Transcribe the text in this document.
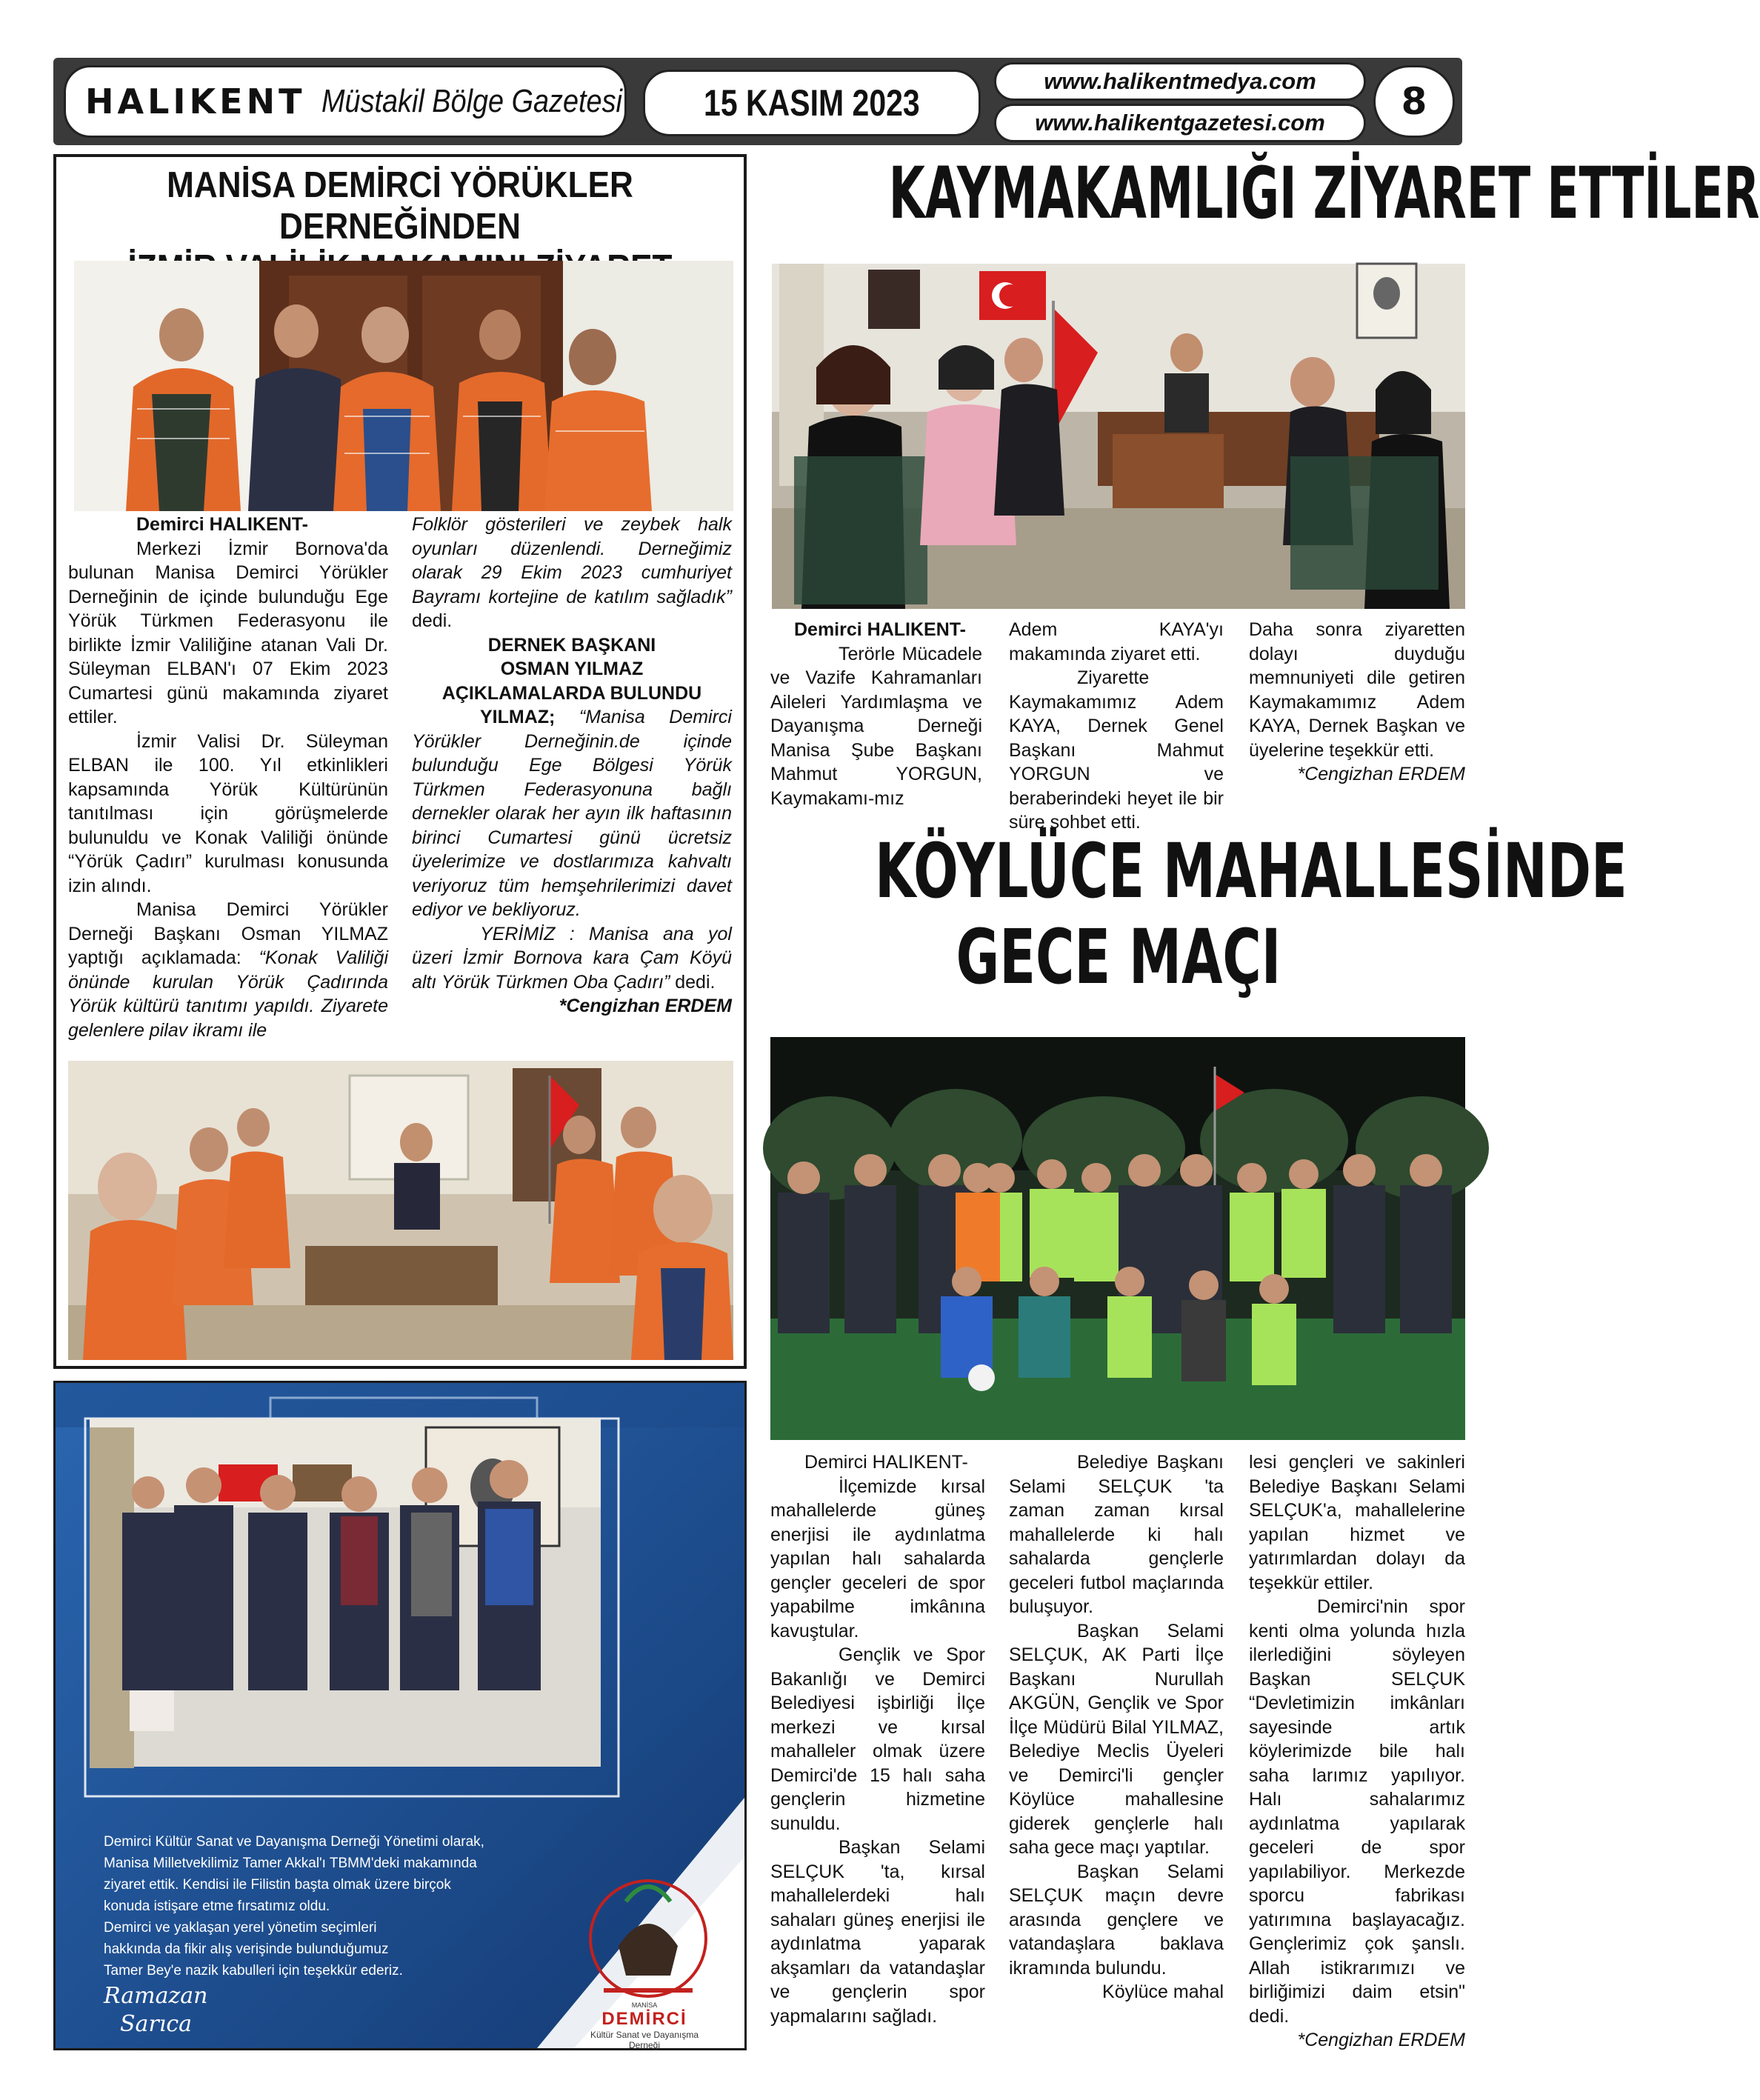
HALIKENT Müstakil Bölge Gazetesi 15 KASIM 2023
www.halikentmedya.com
www.halikentgazetesi.com 8
MANİSA DEMİRCİ YÖRÜKLER DERNEĞİNDEN

Demirci HALIKENT-

Merkezi İzmir Bornova'da bulunan Manisa Demirci Yörükler Derneğinin de içinde bulunduğu Ege Yörük Türkmen Federasyonu ile birlikte İzmir Valiliğine atanan Vali Dr. Süleyman ELBAN'ı 07 Ekim 2023 Cumartesi günü makamında ziyaret ettiler.

İzmir Valisi Dr. Süleyman ELBAN ile 100. Yıl etkinlikleri kapsamında Yörük Kültürünün tanıtılması için görüşmelerde bulunuldu ve Konak Valiliği önünde “Yörük Çadırı” kurulması konusunda izin alındı.

Manisa Demirci Yörükler Derneği Başkanı Osman YILMAZ yaptığı açıklamada: “Konak Valiliği önünde kurulan Yörük Çadırında Yörük kültürü tanıtımı yapıldı. Ziyarete gelenlere pilav ikramı ile

Folklör gösterileri ve zeybek halk oyunları düzenlendi. Derneğimiz olarak 29 Ekim 2023 cumhuriyet Bayramı kortejine de katılım sağladık” dedi.

DERNEK BAŞKANI

OSMAN YILMAZ

AÇIKLAMALARDA BULUNDU

YILMAZ; “Manisa Demirci Yörükler Derneğinin.de içinde bulunduğu Ege Bölgesi Yörük Türkmen Federasyonuna bağlı dernekler olarak her ayın ilk haftasının birinci Cumartesi günü ücretsiz üyelerimize ve dostlarımıza kahvaltı veriyoruz tüm hemşehrilerimizi davet ediyor ve bekliyoruz.

YERİMİZ : Manisa ana yol üzeri İzmir Bornova kara Çam Köyü altı Yörük Türkmen Oba Çadırı” dedi.

*Cengizhan ERDEM

KAYMAKAMLIĞI ZİYARET ETTİLER

Demirci HALIKENT-

Terörle Mücadele ve Vazife Kahramanları Aileleri Yardımlaşma ve Dayanışma Derneği Manisa Şube Başkanı Mahmut YORGUN, Kaymakamı-mız

Adem KAYA'yı makamında ziyaret etti.

Ziyarette Kaymakamımız Adem KAYA, Dernek Genel Başkanı Mahmut YORGUN ve beraberindeki heyet ile bir süre sohbet etti.

Daha sonra ziyaretten dolayı duyduğu memnuniyeti dile getiren Kaymakamımız Adem KAYA, Dernek Başkan ve üyelerine teşekkür etti.

*Cengizhan ERDEM

KÖYLÜCE MAHALLESİNDE
GECE MAÇI

Demirci HALIKENT-

İlçemizde kırsal mahallelerde güneş enerjisi ile aydınlatma yapılan halı sahalarda gençler geceleri de spor yapabilme imkânına kavuştular.

Gençlik ve Spor Bakanlığı ve Demirci Belediyesi işbirliği İlçe merkezi ve kırsal mahalleler olmak üzere Demirci'de 15 halı saha gençlerin hizmetine sunuldu.

Başkan Selami SELÇUK 'ta, kırsal mahallelerdeki halı sahaları güneş enerjisi ile aydınlatma yaparak akşamları da vatandaşlar ve gençlerin spor yapmalarını sağladı.

Belediye Başkanı Selami SELÇUK 'ta zaman zaman kırsal mahallelerde ki halı sahalarda gençlerle geceleri futbol maçlarında buluşuyor.

Başkan Selami SELÇUK, AK Parti İlçe Başkanı Nurullah AKGÜN, Gençlik ve Spor İlçe Müdürü Bilal YILMAZ, Belediye Meclis Üyeleri ve Demirci'li gençler Köylüce mahallesine giderek gençlerle halı saha gece maçı yaptılar.

Başkan Selami SELÇUK maçın devre arasında gençlere ve vatandaşlara baklava ikramında bulundu.

Köylüce mahal

lesi gençleri ve sakinleri Belediye Başkanı Selami SELÇUK'a, mahallelerine yapılan hizmet ve yatırımlardan dolayı da teşekkür ettiler.

Demirci'nin spor kenti olma yolunda hızla ilerlediğini söyleyen Başkan SELÇUK “Devletimizin imkânları sayesinde artık köylerimizde bile halı saha larımız yapılıyor. Halı sahalarımız aydınlatma yapılarak geceleri de spor yapılabiliyor. Merkezde sporcu fabrikası yatırımına başlayacağız. Gençlerimiz çok şanslı. Allah istikrarımızı ve birliğimizi daim etsin" dedi.

*Cengizhan ERDEM

Demirci Kültür Sanat ve Dayanışma Derneği Yönetimi olarak,

Manisa Milletvekilimiz Tamer Akkal'ı TBMM'deki makamında

ziyaret ettik. Kendisi ile Filistin başta olmak üzere birçok

konuda istişare etme fırsatımız oldu.

Demirci ve yaklaşan yerel yönetim seçimleri

hakkında da fikir alış verişinde bulunduğumuz

Tamer Bey'e nazik kabulleri için teşekkür ederiz.

Ramazan
Sarıca
MANİSA
DEMİRCİ
Kültür Sanat ve Dayanışma Derneği
